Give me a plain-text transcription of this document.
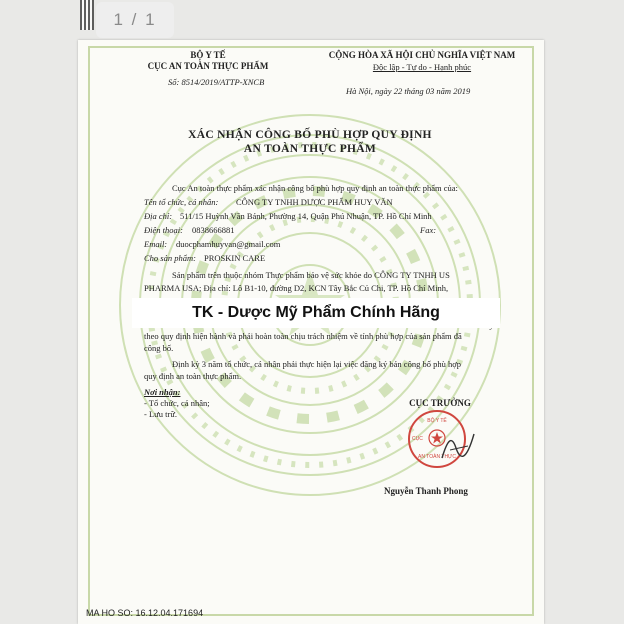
1 / 1
BỘ Y TẾ
CỤC AN TOÀN THỰC PHẨM
Số: 8514/2019/ATTP-XNCB
CỘNG HÒA XÃ HỘI CHỦ NGHĨA VIỆT NAM
Độc lập - Tự do - Hạnh phúc
Hà Nội, ngày 22 tháng 03 năm 2019
XÁC NHẬN CÔNG BỐ PHÙ HỢP QUY ĐỊNH
AN TOÀN THỰC PHẨM
Cục An toàn thực phẩm xác nhận công bố phù hợp quy định an toàn thực phẩm của:
Tên tổ chức, cá nhân: CÔNG TY TNHH DƯỢC PHẨM HUY VĂN
Địa chỉ: 511/15 Huỳnh Văn Bánh, Phường 14, Quận Phú Nhuận, TP. Hồ Chí Minh
Điện thoại: 0838666881	Fax:
Email: duocphamhuyvan@gmail.com
Cho sản phẩm: PROSKIN CARE
Sản phẩm trên thuộc nhóm Thực phẩm bảo vệ sức khỏe do CÔNG TY TNHH US
PHARMA USA; Địa chỉ: Lô B1-10, đường D2, KCN Tây Bắc Củ Chi, TP. Hồ Chí Minh,
theo quy định hiện hành và phải hoàn toàn chịu trách nhiệm về tính phù hợp của sản phẩm đã
công bố.
Định kỳ 3 năm tổ chức, cá nhân phải thực hiện lại việc đăng ký bản công bố phù hợp
quy định an toàn thực phẩm.
Nơi nhận:
- Tổ chức, cá nhân;
- Lưu trữ.
CỤC TRƯỞNG
BỘ Y TẾ
CỤC
AN TOÀN THỰC
Nguyễn Thanh Phong
TK - Dược Mỹ Phẩm Chính Hãng
MA HO SO: 16.12.04.171694
